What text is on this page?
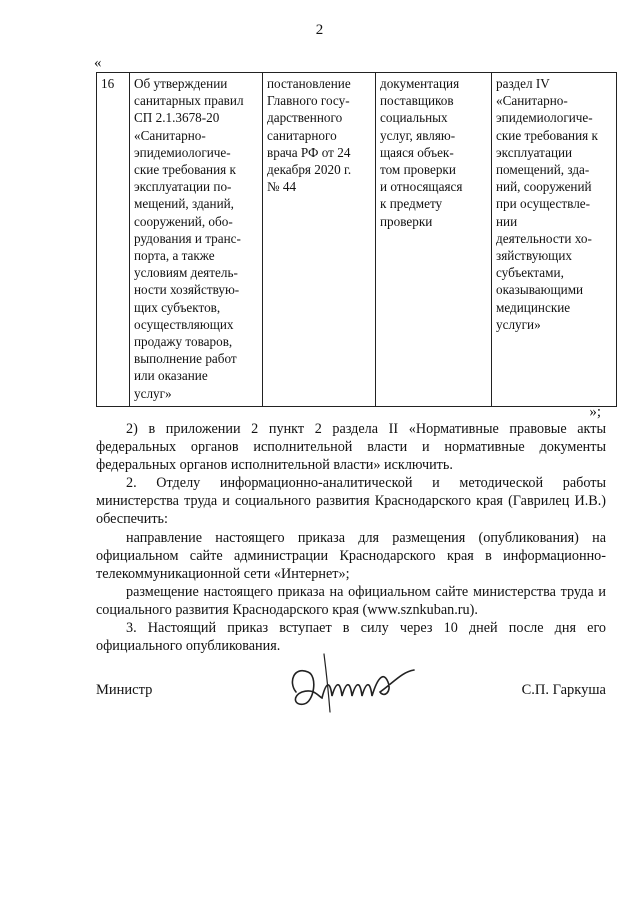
2
«
16	Об утверждении
санитарных правил
СП 2.1.3678-20
«Санитарно-
эпидемиологиче-
ские требования к
эксплуатации по-
мещений, зданий,
сооружений, обо-
рудования и транс-
порта, а также
условиям деятель-
ности хозяйствую-
щих субъектов,
осуществляющих
продажу товаров,
выполнение работ
или оказание
услуг»	постановление
Главного госу-
дарственного
санитарного
врача РФ от 24
декабря 2020 г.
№ 44	документация
поставщиков
социальных
услуг, являю-
щаяся объек-
том проверки
и относящаяся
к предмету
проверки	раздел IV
«Санитарно-
эпидемиологиче-
ские требования к
эксплуатации
помещений, зда-
ний, сооружений
при осуществле-
нии
деятельности хо-
зяйствующих
субъектами,
оказывающими
медицинские
услуги»
»;

2) в приложении 2 пункт 2 раздела II «Нормативные правовые акты федеральных органов исполнительной власти и нормативные документы федеральных органов исполнительной власти» исключить.

2. Отделу информационно-аналитической и методической работы министерства труда и социального развития Краснодарского края (Гаврилец И.В.) обеспечить:

направление настоящего приказа для размещения (опубликования) на официальном сайте администрации Краснодарского края в информационно-телекоммуникационной сети «Интернет»;

размещение настоящего приказа на официальном сайте министерства труда и социального развития Краснодарского края (www.sznkuban.ru).

3. Настоящий приказ вступает в силу через 10 дней после дня его официального опубликования.

Министр	С.П. Гаркуша
